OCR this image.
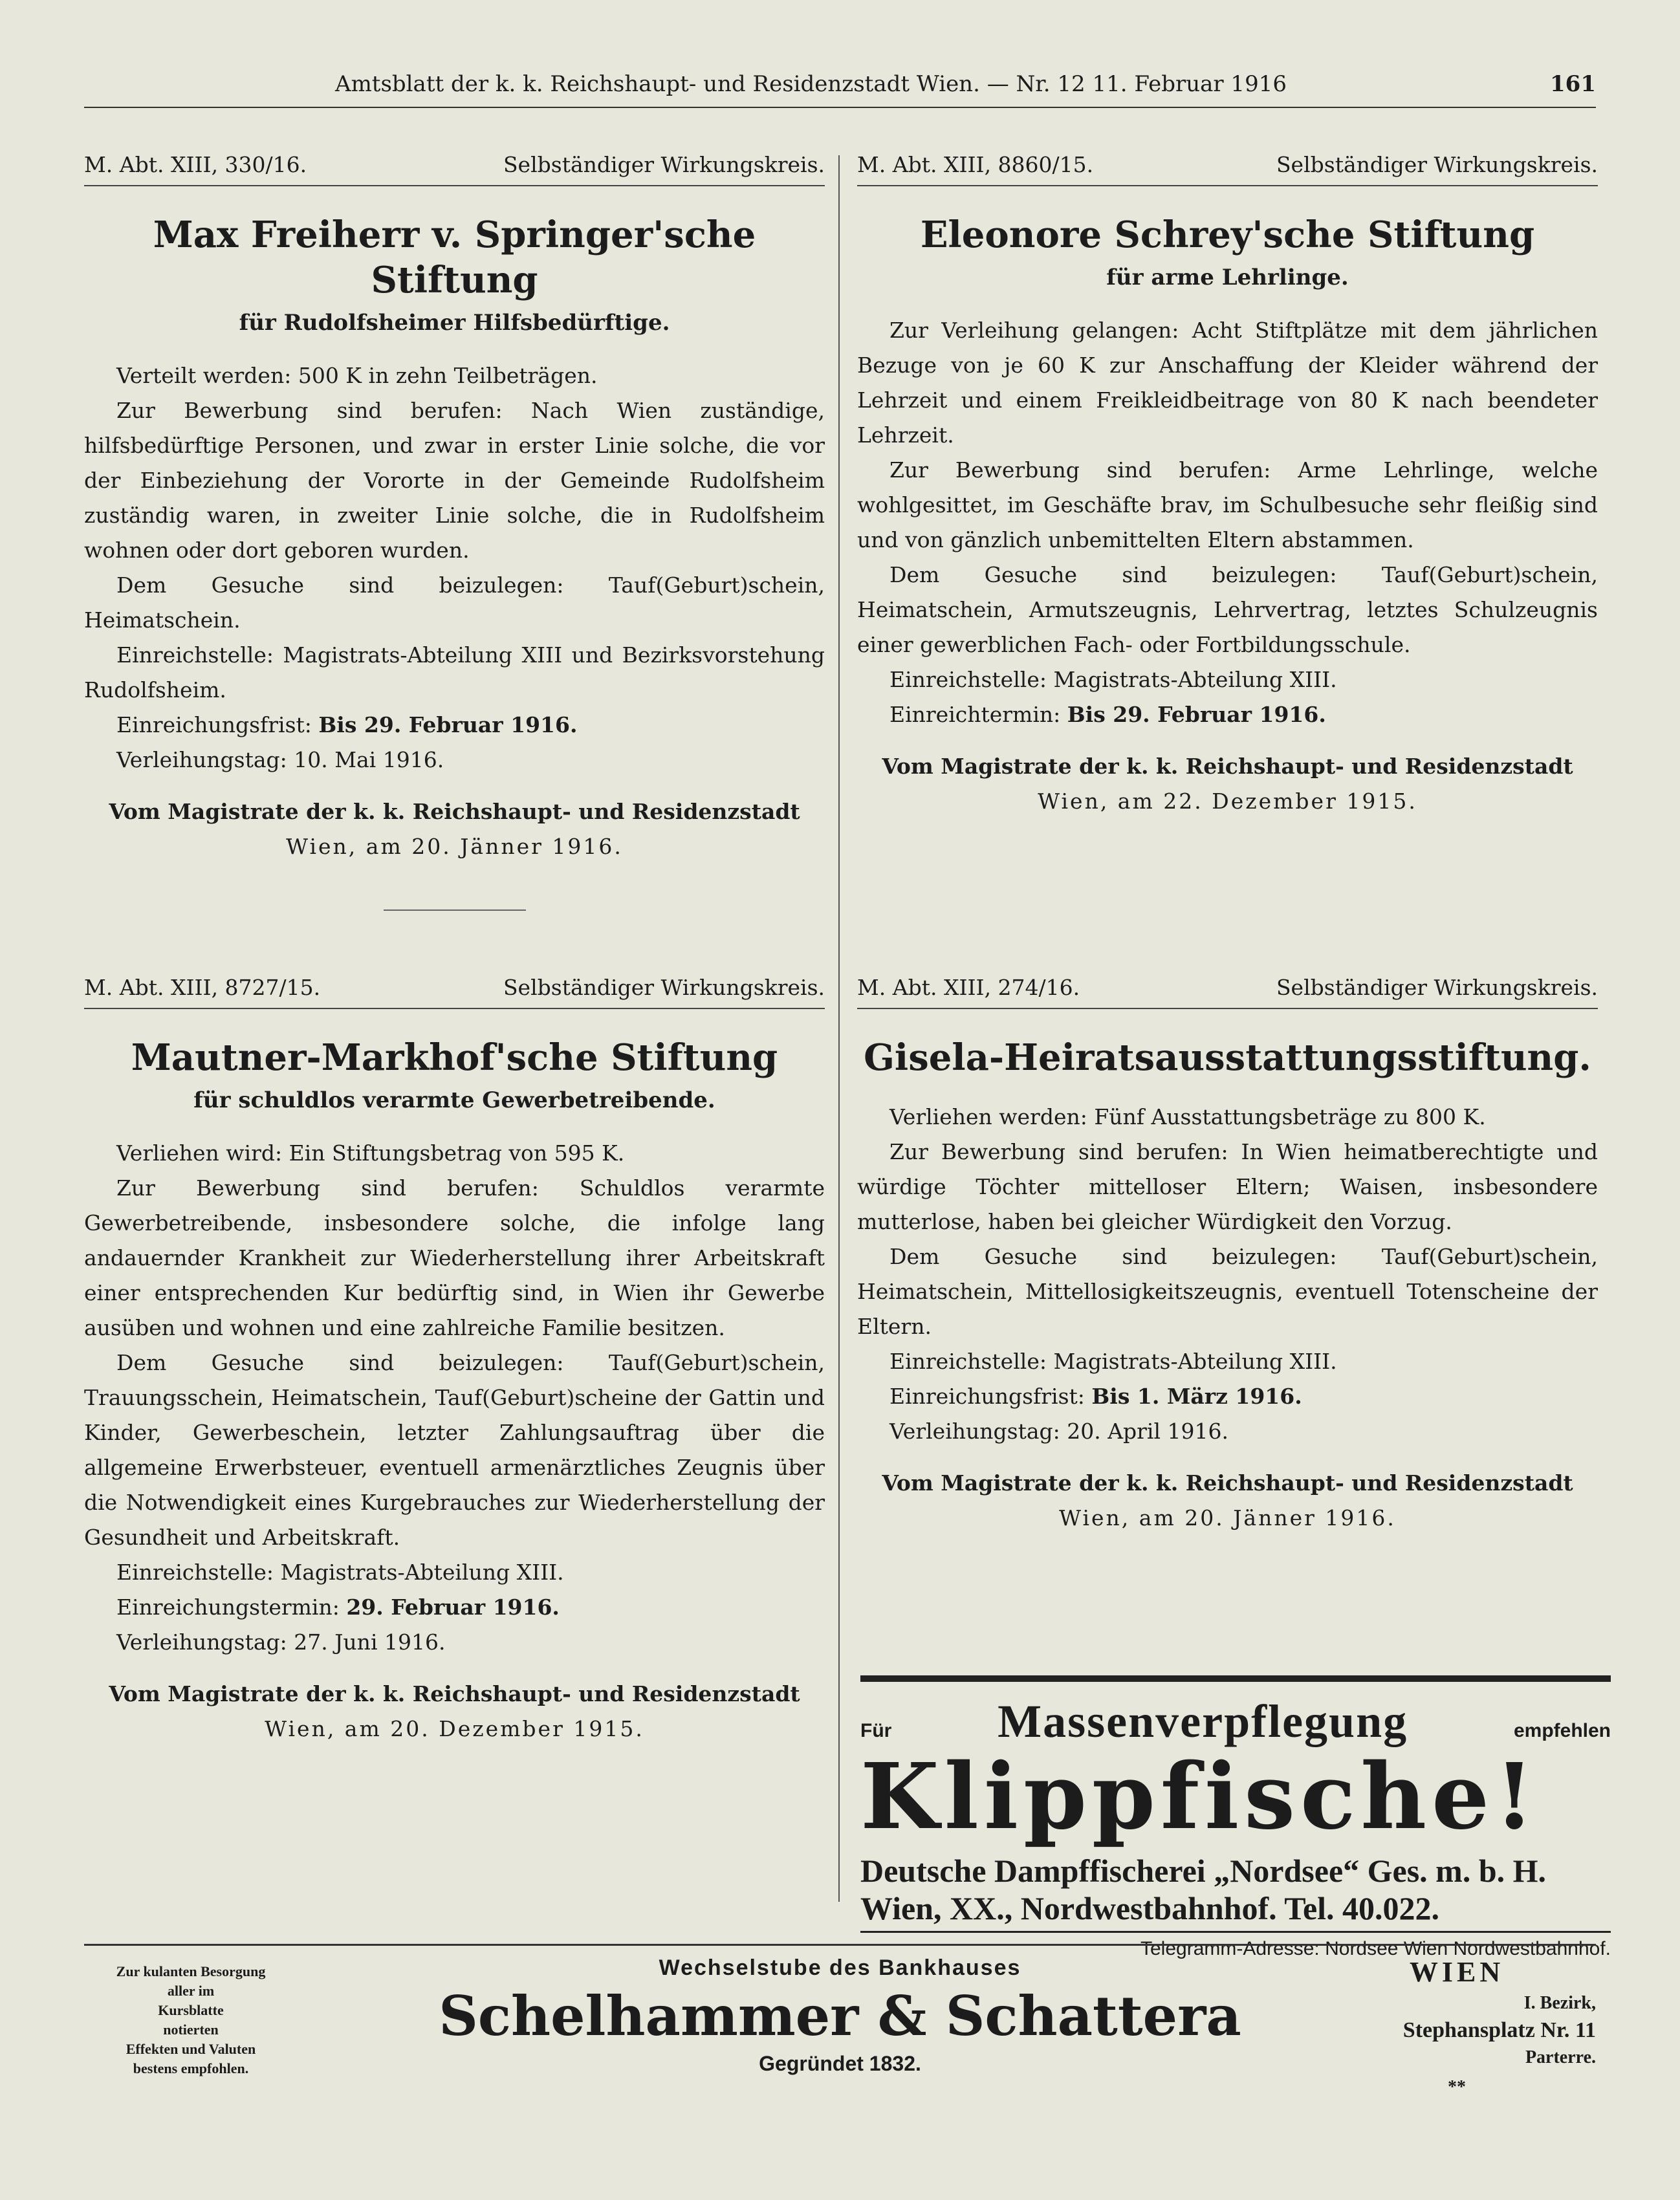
Amtsblatt der k. k. Reichshaupt- und Residenzstadt Wien. — Nr. 12 11. Februar 1916	161
M. Abt. XIII, 330/16.	Selbständiger Wirkungskreis.
Max Freiherr v. Springer'sche Stiftung
für Rudolfsheimer Hilfsbedürftige.

Verteilt werden: 500 K in zehn Teilbeträgen.

Zur Bewerbung sind berufen: Nach Wien zuständige, hilfsbedürftige Personen, und zwar in erster Linie solche, die vor der Einbeziehung der Vororte in der Gemeinde Rudolfsheim zuständig waren, in zweiter Linie solche, die in Rudolfsheim wohnen oder dort geboren wurden.

Dem Gesuche sind beizulegen: Tauf(Geburt)schein, Heimatschein.

Einreichstelle: Magistrats-Abteilung XIII und Bezirksvorstehung Rudolfsheim.

Einreichungsfrist: Bis 29. Februar 1916.

Verleihungstag: 10. Mai 1916.

Vom Magistrate der k. k. Reichshaupt- und Residenzstadt
Wien, am 20. Jänner 1916.
M. Abt. XIII, 8860/15.	Selbständiger Wirkungskreis.
Eleonore Schrey'sche Stiftung
für arme Lehrlinge.

Zur Verleihung gelangen: Acht Stiftplätze mit dem jährlichen Bezuge von je 60 K zur Anschaffung der Kleider während der Lehrzeit und einem Freikleidbeitrage von 80 K nach beendeter Lehrzeit.

Zur Bewerbung sind berufen: Arme Lehrlinge, welche wohlgesittet, im Geschäfte brav, im Schulbesuche sehr fleißig sind und von gänzlich unbemittelten Eltern abstammen.

Dem Gesuche sind beizulegen: Tauf(Geburt)schein, Heimatschein, Armutszeugnis, Lehrvertrag, letztes Schulzeugnis einer gewerblichen Fach- oder Fortbildungsschule.

Einreichstelle: Magistrats-Abteilung XIII.

Einreichtermin: Bis 29. Februar 1916.

Vom Magistrate der k. k. Reichshaupt- und Residenzstadt
Wien, am 22. Dezember 1915.
M. Abt. XIII, 8727/15.	Selbständiger Wirkungskreis.
Mautner-Markhof'sche Stiftung
für schuldlos verarmte Gewerbetreibende.

Verliehen wird: Ein Stiftungsbetrag von 595 K.

Zur Bewerbung sind berufen: Schuldlos verarmte Gewerbetreibende, insbesondere solche, die infolge lang andauernder Krankheit zur Wiederherstellung ihrer Arbeitskraft einer entsprechenden Kur bedürftig sind, in Wien ihr Gewerbe ausüben und wohnen und eine zahlreiche Familie besitzen.

Dem Gesuche sind beizulegen: Tauf(Geburt)schein, Trauungsschein, Heimatschein, Tauf(Geburt)scheine der Gattin und Kinder, Gewerbeschein, letzter Zahlungsauftrag über die allgemeine Erwerbsteuer, eventuell armenärztliches Zeugnis über die Notwendigkeit eines Kurgebrauches zur Wiederherstellung der Gesundheit und Arbeitskraft.

Einreichstelle: Magistrats-Abteilung XIII.

Einreichungstermin: 29. Februar 1916.

Verleihungstag: 27. Juni 1916.

Vom Magistrate der k. k. Reichshaupt- und Residenzstadt
Wien, am 20. Dezember 1915.
M. Abt. XIII, 274/16.	Selbständiger Wirkungskreis.
Gisela-Heiratsausstattungsstiftung.

Verliehen werden: Fünf Ausstattungsbeträge zu 800 K.

Zur Bewerbung sind berufen: In Wien heimatberechtigte und würdige Töchter mittelloser Eltern; Waisen, insbesondere mutterlose, haben bei gleicher Würdigkeit den Vorzug.

Dem Gesuche sind beizulegen: Tauf(Geburt)schein, Heimatschein, Mittellosigkeitszeugnis, eventuell Totenscheine der Eltern.

Einreichstelle: Magistrats-Abteilung XIII.

Einreichungsfrist: Bis 1. März 1916.

Verleihungstag: 20. April 1916.

Vom Magistrate der k. k. Reichshaupt- und Residenzstadt
Wien, am 20. Jänner 1916.
Für Massenverpflegung	empfehlen
Klippfische!
Deutsche Dampffischerei „Nordsee“ Ges. m. b. H.
Wien, XX., Nordwestbahnhof. Tel. 40.022.
Telegramm-Adresse: Nordsee Wien Nordwestbahnhof.
Zur kulanten Besorgung
aller im
Kursblatte
notierten
Effekten und Valuten
bestens empfohlen.
Wechselstube des Bankhauses
Schelhammer & Schattera
Gegründet 1832.
WIEN
I. Bezirk,
Stephansplatz Nr. 11
Parterre.
**
